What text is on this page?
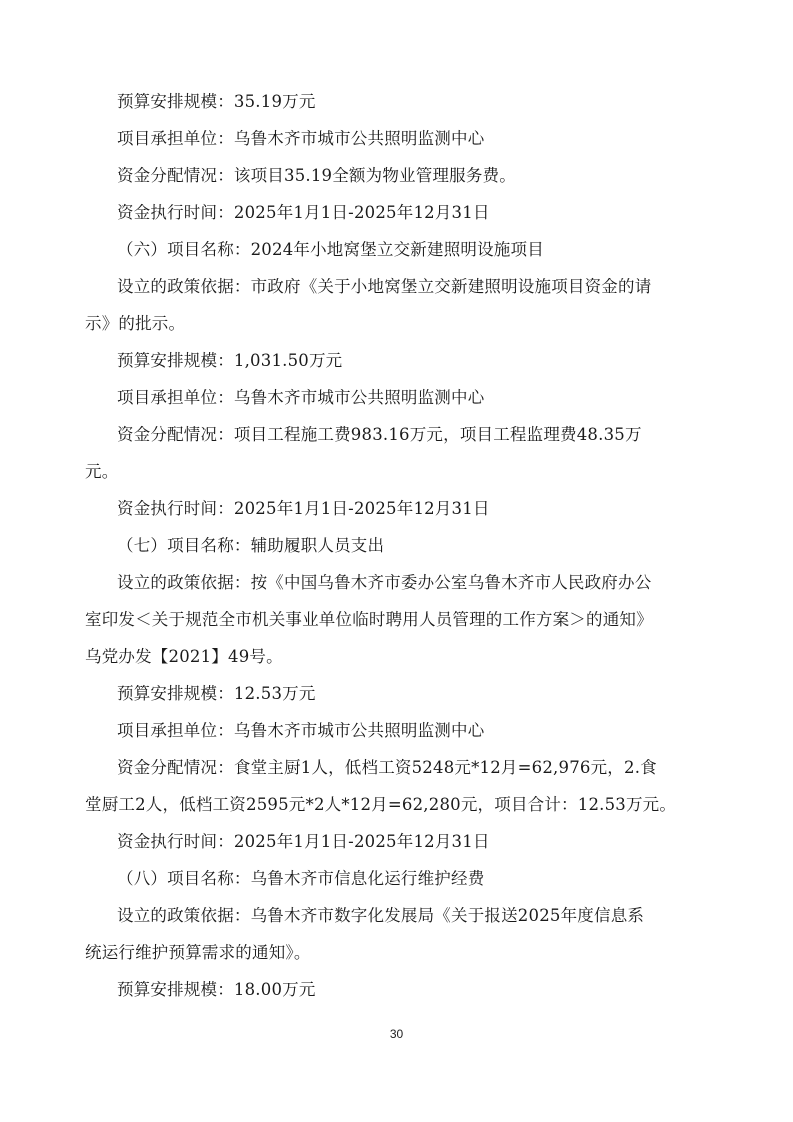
预算安排规模：35.19万元
项目承担单位：乌鲁木齐市城市公共照明监测中心
资金分配情况：该项目35.19全额为物业管理服务费。
资金执行时间：2025年1月1日-2025年12月31日
（六）项目名称：2024年小地窝堡立交新建照明设施项目
设立的政策依据：市政府《关于小地窝堡立交新建照明设施项目资金的请
示》的批示。
预算安排规模：1,031.50万元
项目承担单位：乌鲁木齐市城市公共照明监测中心
资金分配情况：项目工程施工费983.16万元，项目工程监理费48.35万
元。
资金执行时间：2025年1月1日-2025年12月31日
（七）项目名称：辅助履职人员支出
设立的政策依据：按《中国乌鲁木齐市委办公室乌鲁木齐市人民政府办公
室印发＜关于规范全市机关事业单位临时聘用人员管理的工作方案＞的通知》
乌党办发【2021】49号。
预算安排规模：12.53万元
项目承担单位：乌鲁木齐市城市公共照明监测中心
资金分配情况：食堂主厨1人，低档工资5248元*12月=62,976元，2.食
堂厨工2人，低档工资2595元*2人*12月=62,280元，项目合计：12.53万元。
资金执行时间：2025年1月1日-2025年12月31日
（八）项目名称：乌鲁木齐市信息化运行维护经费
设立的政策依据：乌鲁木齐市数字化发展局《关于报送2025年度信息系
统运行维护预算需求的通知》。
预算安排规模：18.00万元
30
